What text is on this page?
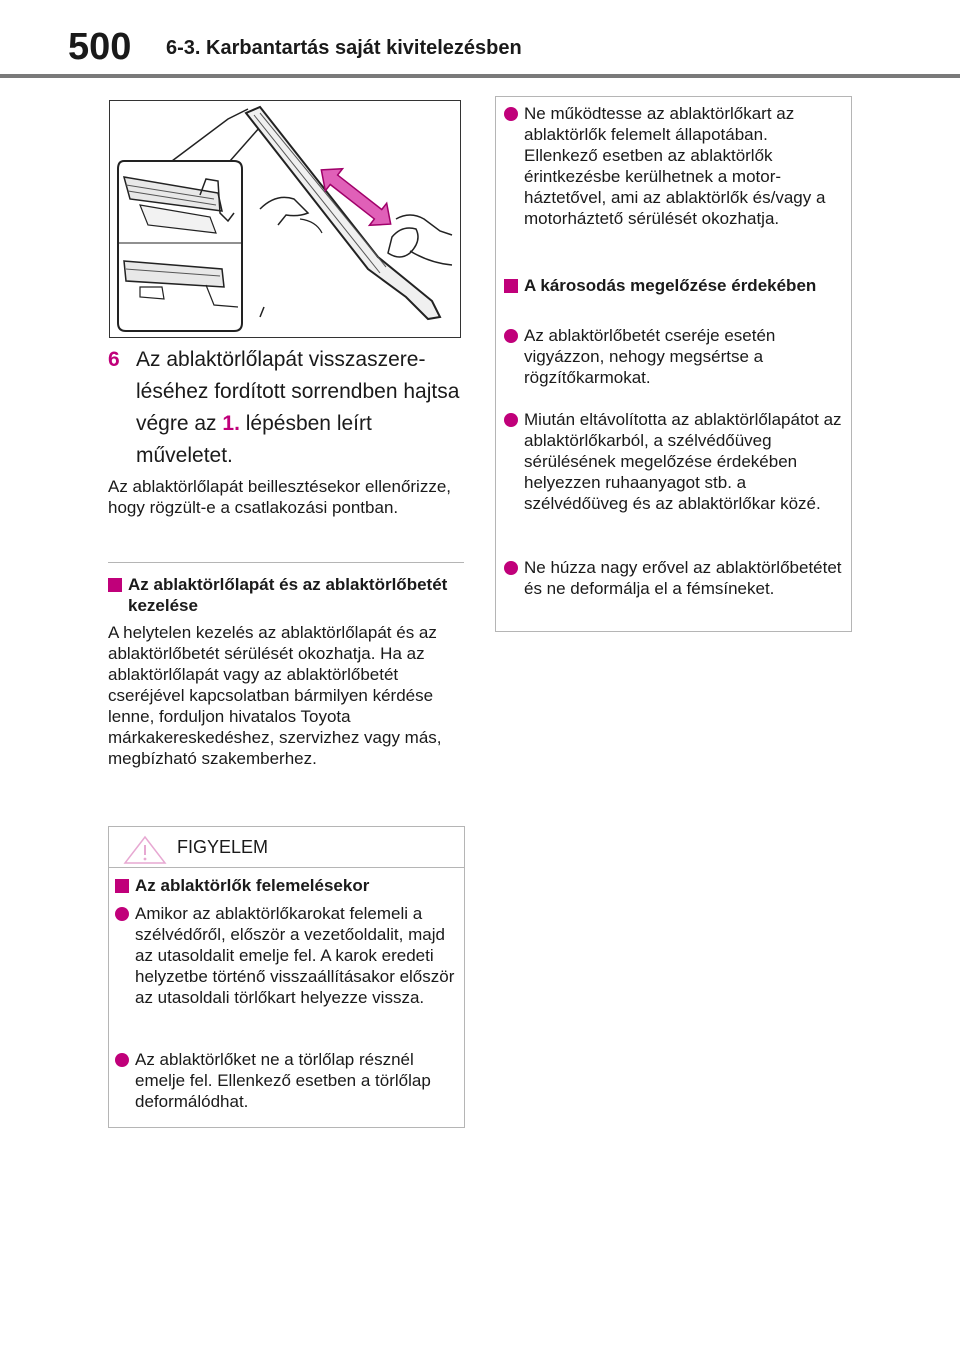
500 6-3. Karbantartás saját kivitelezésben
6 Az ablaktörlőlapát visszaszereléséhez fordított sorrendben hajtsa végre az 1. lépésben leírt műveletet.
Az ablaktörlőlapát beillesztésekor ellenőrizze, hogy rögzült-e a csatlakozási pontban.
Az ablaktörlőlapát és az ablaktörlőbetét kezelése
A helytelen kezelés az ablaktörlőlapát és az ablaktörlőbetét sérülését okozhatja. Ha az ablaktörlőlapát vagy az ablaktörlőbetét cseréjével kapcsolatban bármilyen kérdése lenne, forduljon hivatalos Toyota márkakereskedéshez, szervizhez vagy más, megbízható szakemberhez.
FIGYELEM
Az ablaktörlők felemelésekor
Amikor az ablaktörlőkarokat felemeli a szélvédőről, először a vezetőoldalit, majd az utasoldalit emelje fel. A karok eredeti helyzetbe történő visszaállításakor először az utasoldali törlőkart helyezze vissza.
Az ablaktörlőket ne a törlőlap résznél emelje fel. Ellenkező esetben a törlőlap deformálódhat.
Ne működtesse az ablaktörlőkart az ablaktörlők felemelt állapotában. Ellenkező esetben az ablaktörlők érintkezésbe kerülhetnek a motorháztetővel, ami az ablaktörlők és/vagy a motorháztető sérülését okozhatja.
A károsodás megelőzése érdekében
Az ablaktörlőbetét cseréje esetén vigyázzon, nehogy megsértse a rögzítőkarmokat.
Miután eltávolította az ablaktörlőlapátot az ablaktörlőkarból, a szélvédőüveg sérülésének megelőzése érdekében helyezzen ruhaanyagot stb. a szélvédőüveg és az ablaktörlőkar közé.
Ne húzza nagy erővel az ablaktörlőbetétet és ne deformálja el a fémsíneket.
